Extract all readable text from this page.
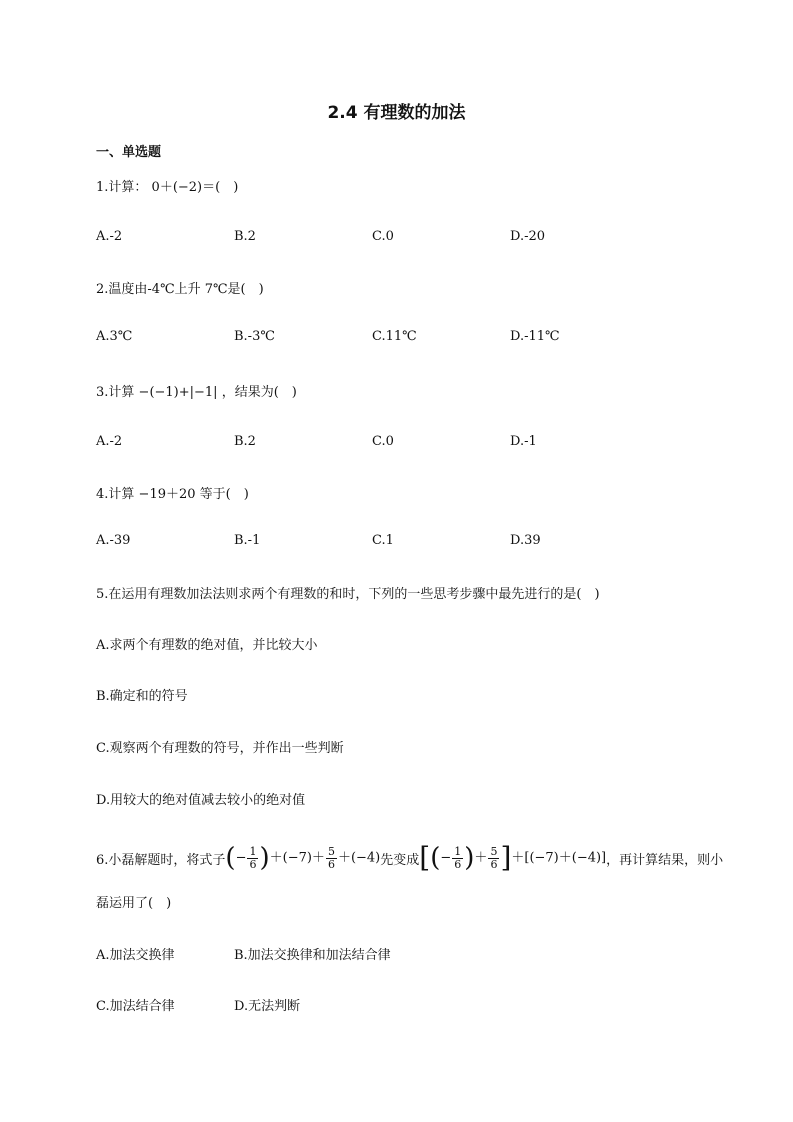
2.4 有理数的加法
一、单选题
1.计算： 0＋(−2)＝(　)
A.-2	B.2	C.0	D.-20
2.温度由-4℃上升 7℃是(　)
A.3℃	B.-3℃	C.11℃	D.-11℃
3.计算 −(−1)+|−1| ，结果为(　)
A.-2	B.2	C.0	D.-1
4.计算 −19＋20 等于(　)
A.-39	B.-1	C.1	D.39
5.在运用有理数加法法则求两个有理数的和时，下列的一些思考步骤中最先进行的是(　)
A.求两个有理数的绝对值，并比较大小
B.确定和的符号
C.观察两个有理数的符号，并作出一些判断
D.用较大的绝对值减去较小的绝对值
6.小磊解题时，将式子 (− $\frac{1}{6} )+(-7)+ \frac{5}{6} +(-4)$ 先变成 [(− $\frac{1}{6}$ )＋ $\frac{5}{6} ]+[(-7)+(-4)]$ ，再计算结果，则小
磊运用了(　)
A.加法交换律	B.加法交换律和加法结合律
C.加法结合律	D.无法判断
